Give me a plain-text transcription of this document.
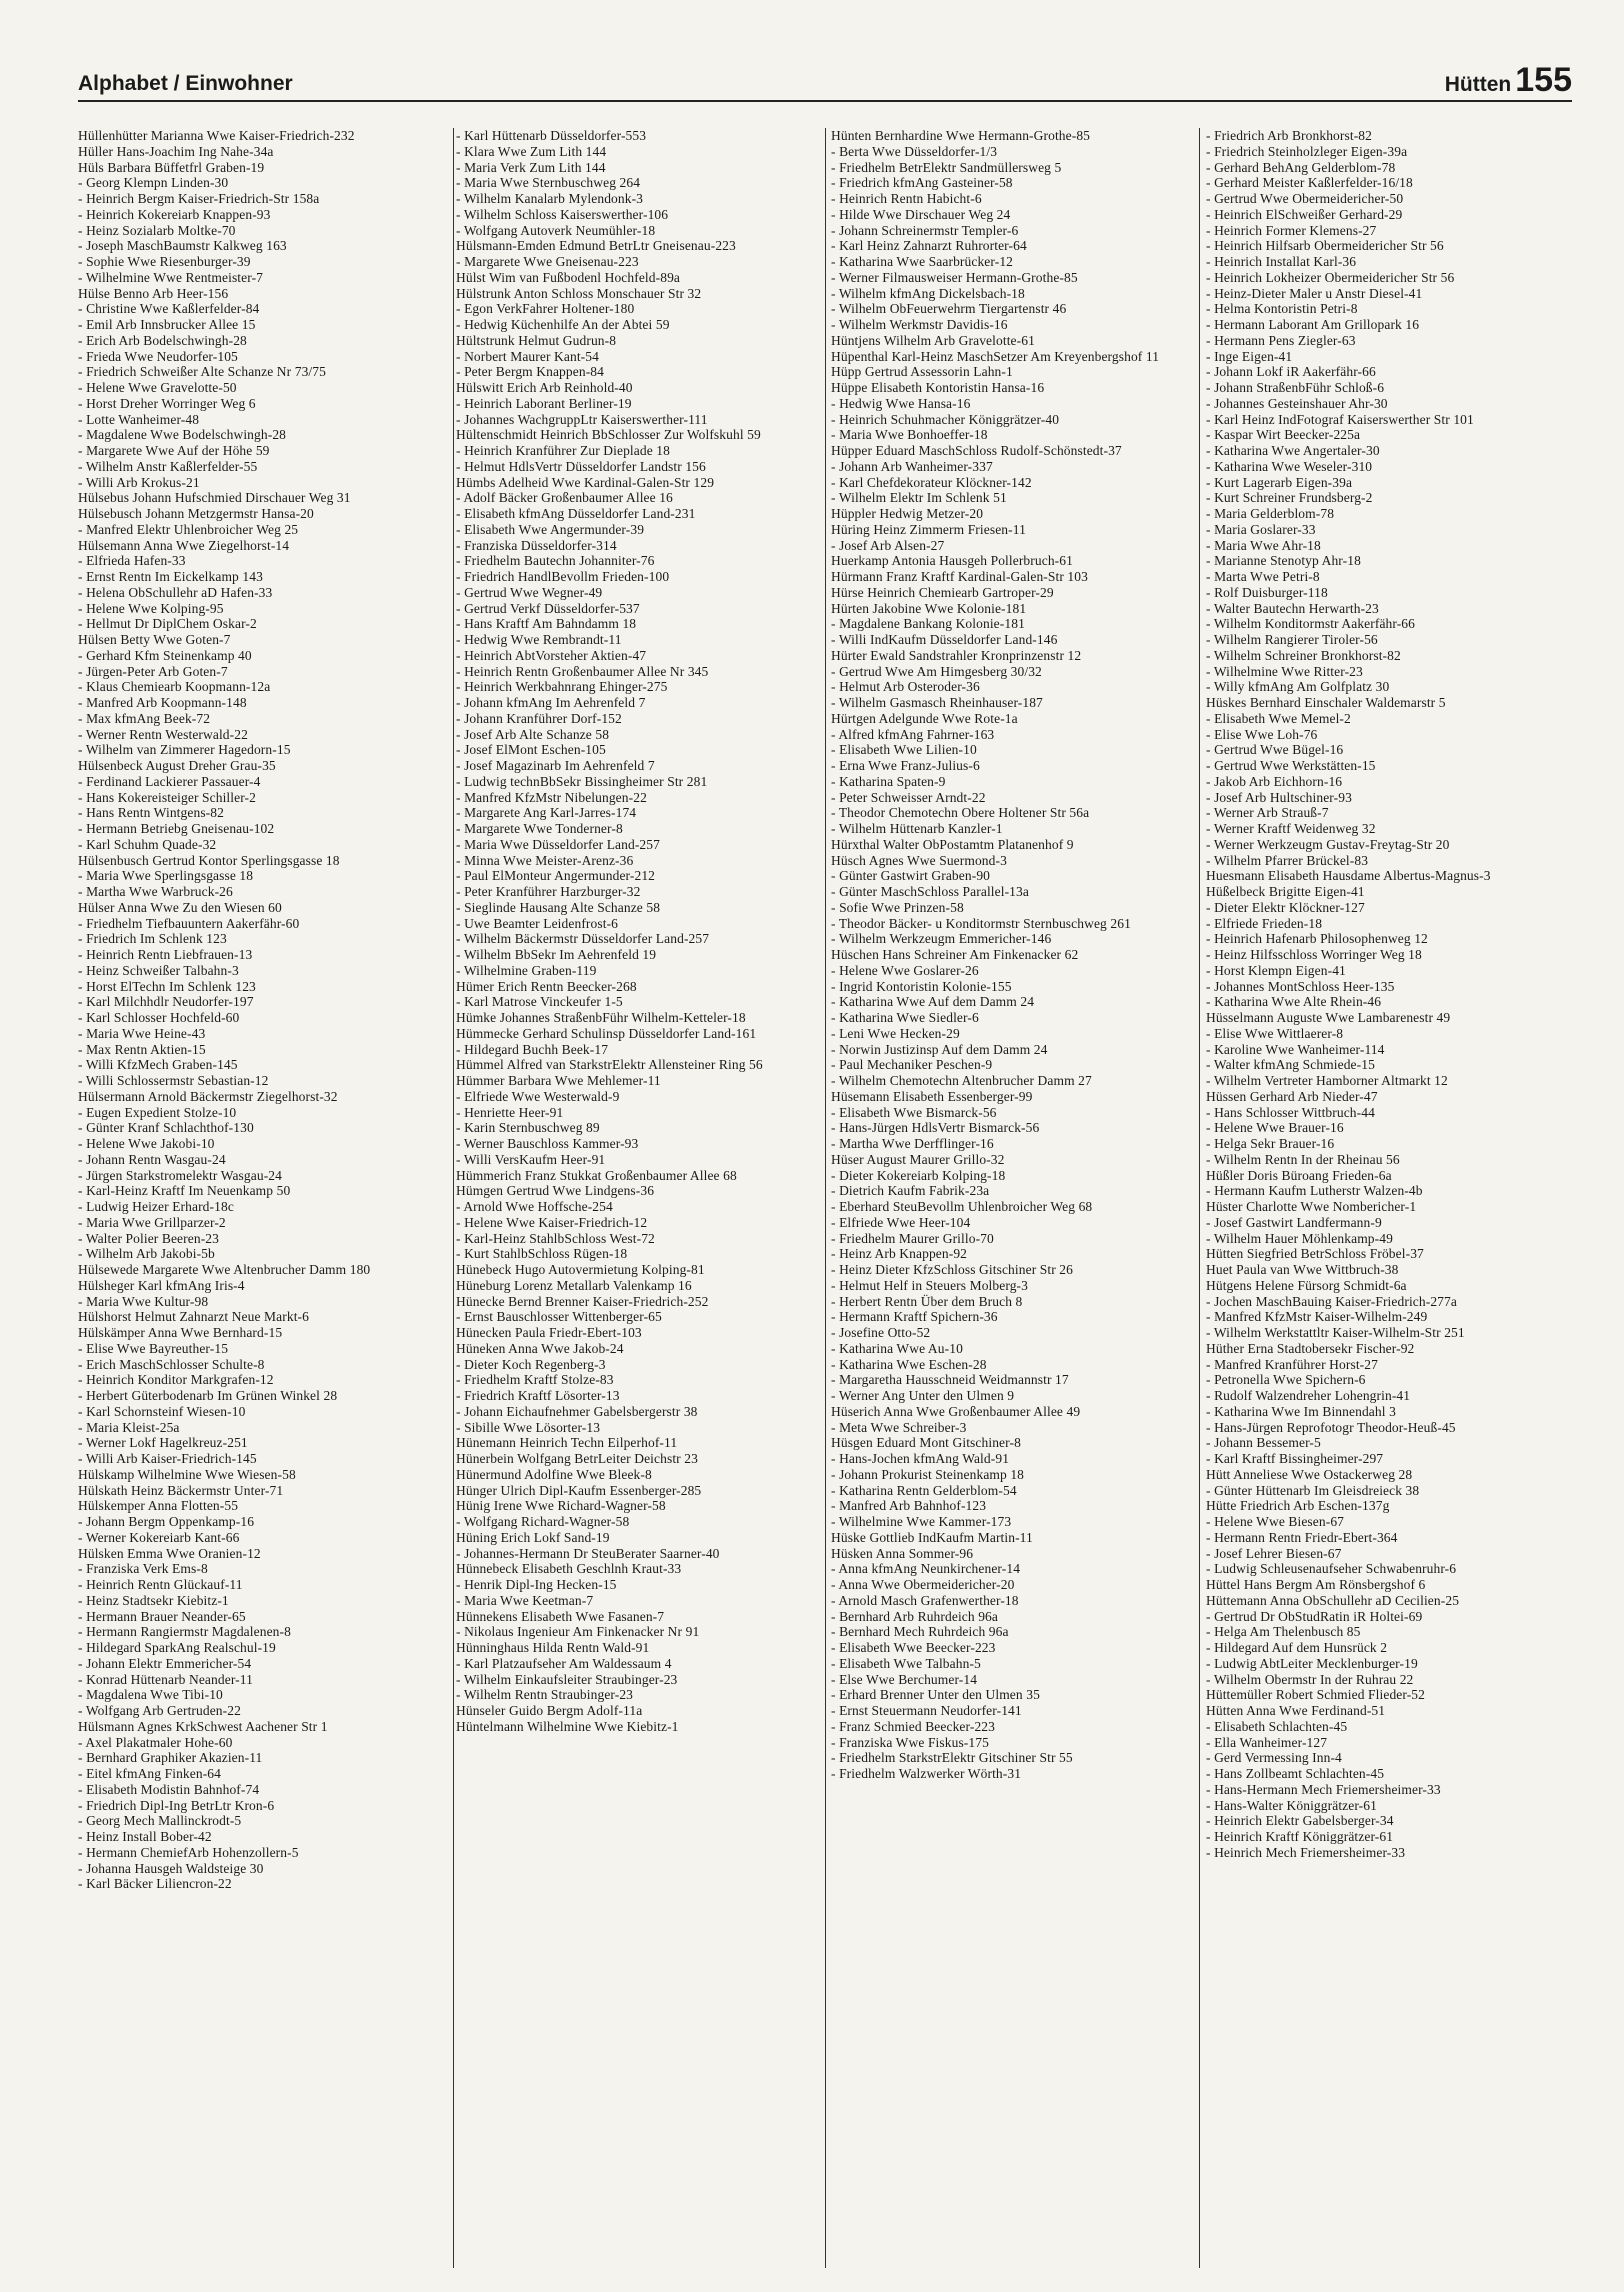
Alphabet / Einwohner	Hütten 155

Hüllenhütter Marianna Wwe Kaiser-Friedrich-232

Hüller Hans-Joachim Ing Nahe-34a

Hüls Barbara Büffetfrl Graben-19

- Georg Klempn Linden-30

- Heinrich Bergm Kaiser-Friedrich-Str 158a

- Heinrich Kokereiarb Knappen-93

- Heinz Sozialarb Moltke-70

- Joseph MaschBaumstr Kalkweg 163

- Sophie Wwe Riesenburger-39

- Wilhelmine Wwe Rentmeister-7

Hülse Benno Arb Heer-156

- Christine Wwe Kaßlerfelder-84

- Emil Arb Innsbrucker Allee 15

- Erich Arb Bodelschwingh-28

- Frieda Wwe Neudorfer-105

- Friedrich Schweißer Alte Schanze Nr 73/75

- Helene Wwe Gravelotte-50

- Horst Dreher Worringer Weg 6

- Lotte Wanheimer-48

- Magdalene Wwe Bodelschwingh-28

- Margarete Wwe Auf der Höhe 59

- Wilhelm Anstr Kaßlerfelder-55

- Willi Arb Krokus-21

Hülsebus Johann Hufschmied Dirschauer Weg 31

Hülsebusch Johann Metzgermstr Hansa-20

- Manfred Elektr Uhlenbroicher Weg 25

Hülsemann Anna Wwe Ziegelhorst-14

- Elfrieda Hafen-33

- Ernst Rentn Im Eickelkamp 143

- Helena ObSchullehr aD Hafen-33

- Helene Wwe Kolping-95

- Hellmut Dr DiplChem Oskar-2

Hülsen Betty Wwe Goten-7

- Gerhard Kfm Steinenkamp 40

- Jürgen-Peter Arb Goten-7

- Klaus Chemiearb Koopmann-12a

- Manfred Arb Koopmann-148

- Max kfmAng Beek-72

- Werner Rentn Westerwald-22

- Wilhelm van Zimmerer Hagedorn-15

Hülsenbeck August Dreher Grau-35

- Ferdinand Lackierer Passauer-4

- Hans Kokereisteiger Schiller-2

- Hans Rentn Wintgens-82

- Hermann Betriebg Gneisenau-102

- Karl Schuhm Quade-32

Hülsenbusch Gertrud Kontor Sperlingsgasse 18

- Maria Wwe Sperlingsgasse 18

- Martha Wwe Warbruck-26

Hülser Anna Wwe Zu den Wiesen 60

- Friedhelm Tiefbauuntern Aakerfähr-60

- Friedrich Im Schlenk 123

- Heinrich Rentn Liebfrauen-13

- Heinz Schweißer Talbahn-3

- Horst ElTechn Im Schlenk 123

- Karl Milchhdlr Neudorfer-197

- Karl Schlosser Hochfeld-60

- Maria Wwe Heine-43

- Max Rentn Aktien-15

- Willi KfzMech Graben-145

- Willi Schlossermstr Sebastian-12

Hülsermann Arnold Bäckermstr Ziegelhorst-32

- Eugen Expedient Stolze-10

- Günter Kranf Schlachthof-130

- Helene Wwe Jakobi-10

- Johann Rentn Wasgau-24

- Jürgen Starkstromelektr Wasgau-24

- Karl-Heinz Kraftf Im Neuenkamp 50

- Ludwig Heizer Erhard-18c

- Maria Wwe Grillparzer-2

- Walter Polier Beeren-23

- Wilhelm Arb Jakobi-5b

Hülsewede Margarete Wwe Altenbrucher Damm 180

Hülsheger Karl kfmAng Iris-4

- Maria Wwe Kultur-98

Hülshorst Helmut Zahnarzt Neue Markt-6

Hülskämper Anna Wwe Bernhard-15

- Elise Wwe Bayreuther-15

- Erich MaschSchlosser Schulte-8

- Heinrich Konditor Markgrafen-12

- Herbert Güterbodenarb Im Grünen Winkel 28

- Karl Schornsteinf Wiesen-10

- Maria Kleist-25a

- Werner Lokf Hagelkreuz-251

- Willi Arb Kaiser-Friedrich-145

Hülskamp Wilhelmine Wwe Wiesen-58

Hülskath Heinz Bäckermstr Unter-71

Hülskemper Anna Flotten-55

- Johann Bergm Oppenkamp-16

- Werner Kokereiarb Kant-66

Hülsken Emma Wwe Oranien-12

- Franziska Verk Ems-8

- Heinrich Rentn Glückauf-11

- Heinz Stadtsekr Kiebitz-1

- Hermann Brauer Neander-65

- Hermann Rangiermstr Magdalenen-8

- Hildegard SparkAng Realschul-19

- Johann Elektr Emmericher-54

- Konrad Hüttenarb Neander-11

- Magdalena Wwe Tibi-10

- Wolfgang Arb Gertruden-22

Hülsmann Agnes KrkSchwest Aachener Str 1

- Axel Plakatmaler Hohe-60

- Bernhard Graphiker Akazien-11

- Eitel kfmAng Finken-64

- Elisabeth Modistin Bahnhof-74

- Friedrich Dipl-Ing BetrLtr Kron-6

- Georg Mech Mallinckrodt-5

- Heinz Install Bober-42

- Hermann ChemiefArb Hohenzollern-5

- Johanna Hausgeh Waldsteige 30

- Karl Bäcker Liliencron-22

- Karl Hüttenarb Düsseldorfer-553

- Klara Wwe Zum Lith 144

- Maria Verk Zum Lith 144

- Maria Wwe Sternbuschweg 264

- Wilhelm Kanalarb Mylendonk-3

- Wilhelm Schloss Kaiserswerther-106

- Wolfgang Autoverk Neumühler-18

Hülsmann-Emden Edmund BetrLtr Gneisenau-223

- Margarete Wwe Gneisenau-223

Hülst Wim van Fußbodenl Hochfeld-89a

Hülstrunk Anton Schloss Monschauer Str 32

- Egon VerkFahrer Holtener-180

- Hedwig Küchenhilfe An der Abtei 59

Hültstrunk Helmut Gudrun-8

- Norbert Maurer Kant-54

- Peter Bergm Knappen-84

Hülswitt Erich Arb Reinhold-40

- Heinrich Laborant Berliner-19

- Johannes WachgruppLtr Kaiserswerther-111

Hültenschmidt Heinrich BbSchlosser Zur Wolfskuhl 59

- Heinrich Kranführer Zur Dieplade 18

- Helmut HdlsVertr Düsseldorfer Landstr 156

Hümbs Adelheid Wwe Kardinal-Galen-Str 129

- Adolf Bäcker Großenbaumer Allee 16

- Elisabeth kfmAng Düsseldorfer Land-231

- Elisabeth Wwe Angermunder-39

- Franziska Düsseldorfer-314

- Friedhelm Bautechn Johanniter-76

- Friedrich HandlBevollm Frieden-100

- Gertrud Wwe Wegner-49

- Gertrud Verkf Düsseldorfer-537

- Hans Kraftf Am Bahndamm 18

- Hedwig Wwe Rembrandt-11

- Heinrich AbtVorsteher Aktien-47

- Heinrich Rentn Großenbaumer Allee Nr 345

- Heinrich Werkbahnrang Ehinger-275

- Johann kfmAng Im Aehrenfeld 7

- Johann Kranführer Dorf-152

- Josef Arb Alte Schanze 58

- Josef ElMont Eschen-105

- Josef Magazinarb Im Aehrenfeld 7

- Ludwig technBbSekr Bissingheimer Str 281

- Manfred KfzMstr Nibelungen-22

- Margarete Ang Karl-Jarres-174

- Margarete Wwe Tonderner-8

- Maria Wwe Düsseldorfer Land-257

- Minna Wwe Meister-Arenz-36

- Paul ElMonteur Angermunder-212

- Peter Kranführer Harzburger-32

- Sieglinde Hausang Alte Schanze 58

- Uwe Beamter Leidenfrost-6

- Wilhelm Bäckermstr Düsseldorfer Land-257

- Wilhelm BbSekr Im Aehrenfeld 19

- Wilhelmine Graben-119

Hümer Erich Rentn Beecker-268

- Karl Matrose Vinckeufer 1-5

Hümke Johannes StraßenbFühr Wilhelm-Ketteler-18

Hümmecke Gerhard Schulinsp Düsseldorfer Land-161

- Hildegard Buchh Beek-17

Hümmel Alfred van StarkstrElektr Allensteiner Ring 56

Hümmer Barbara Wwe Mehlemer-11

- Elfriede Wwe Westerwald-9

- Henriette Heer-91

- Karin Sternbuschweg 89

- Werner Bauschloss Kammer-93

- Willi VersKaufm Heer-91

Hümmerich Franz Stukkat Großenbaumer Allee 68

Hümgen Gertrud Wwe Lindgens-36

- Arnold Wwe Hoffsche-254

- Helene Wwe Kaiser-Friedrich-12

- Karl-Heinz StahlbSchloss West-72

- Kurt StahlbSchloss Rügen-18

Hünebeck Hugo Autovermietung Kolping-81

Hüneburg Lorenz Metallarb Valenkamp 16

Hünecke Bernd Brenner Kaiser-Friedrich-252

- Ernst Bauschlosser Wittenberger-65

Hünecken Paula Friedr-Ebert-103

Hüneken Anna Wwe Jakob-24

- Dieter Koch Regenberg-3

- Friedhelm Kraftf Stolze-83

- Friedrich Kraftf Lösorter-13

- Johann Eichaufnehmer Gabelsbergerstr 38

- Sibille Wwe Lösorter-13

Hünemann Heinrich Techn Eilperhof-11

Hünerbein Wolfgang BetrLeiter Deichstr 23

Hünermund Adolfine Wwe Bleek-8

Hünger Ulrich Dipl-Kaufm Essenberger-285

Hünig Irene Wwe Richard-Wagner-58

- Wolfgang Richard-Wagner-58

Hüning Erich Lokf Sand-19

- Johannes-Hermann Dr SteuBerater Saarner-40

Hünnebeck Elisabeth Geschlnh Kraut-33

- Henrik Dipl-Ing Hecken-15

- Maria Wwe Keetman-7

Hünnekens Elisabeth Wwe Fasanen-7

- Nikolaus Ingenieur Am Finkenacker Nr 91

Hünninghaus Hilda Rentn Wald-91

- Karl Platzaufseher Am Waldessaum 4

- Wilhelm Einkaufsleiter Straubinger-23

- Wilhelm Rentn Straubinger-23

Hünseler Guido Bergm Adolf-11a

Hüntelmann Wilhelmine Wwe Kiebitz-1

Hünten Bernhardine Wwe Hermann-Grothe-85

- Berta Wwe Düsseldorfer-1/3

- Friedhelm BetrElektr Sandmüllersweg 5

- Friedrich kfmAng Gasteiner-58

- Heinrich Rentn Habicht-6

- Hilde Wwe Dirschauer Weg 24

- Johann Schreinermstr Templer-6

- Karl Heinz Zahnarzt Ruhrorter-64

- Katharina Wwe Saarbrücker-12

- Werner Filmausweiser Hermann-Grothe-85

- Wilhelm kfmAng Dickelsbach-18

- Wilhelm ObFeuerwehrm Tiergartenstr 46

- Wilhelm Werkmstr Davidis-16

Hüntjens Wilhelm Arb Gravelotte-61

Hüpenthal Karl-Heinz MaschSetzer Am Kreyenbergshof 11

Hüpp Gertrud Assessorin Lahn-1

Hüppe Elisabeth Kontoristin Hansa-16

- Hedwig Wwe Hansa-16

- Heinrich Schuhmacher Königgrätzer-40

- Maria Wwe Bonhoeffer-18

Hüpper Eduard MaschSchloss Rudolf-Schönstedt-37

- Johann Arb Wanheimer-337

- Karl Chefdekorateur Klöckner-142

- Wilhelm Elektr Im Schlenk 51

Hüppler Hedwig Metzer-20

Hüring Heinz Zimmerm Friesen-11

- Josef Arb Alsen-27

Huerkamp Antonia Hausgeh Pollerbruch-61

Hürmann Franz Kraftf Kardinal-Galen-Str 103

Hürse Heinrich Chemiearb Gartroper-29

Hürten Jakobine Wwe Kolonie-181

- Magdalene Bankang Kolonie-181

- Willi IndKaufm Düsseldorfer Land-146

Hürter Ewald Sandstrahler Kronprinzenstr 12

- Gertrud Wwe Am Himgesberg 30/32

- Helmut Arb Osteroder-36

- Wilhelm Gasmasch Rheinhauser-187

Hürtgen Adelgunde Wwe Rote-1a

- Alfred kfmAng Fahrner-163

- Elisabeth Wwe Lilien-10

- Erna Wwe Franz-Julius-6

- Katharina Spaten-9

- Peter Schweisser Arndt-22

- Theodor Chemotechn Obere Holtener Str 56a

- Wilhelm Hüttenarb Kanzler-1

Hürxthal Walter ObPostamtm Platanenhof 9

Hüsch Agnes Wwe Suermond-3

- Günter Gastwirt Graben-90

- Günter MaschSchloss Parallel-13a

- Sofie Wwe Prinzen-58

- Theodor Bäcker- u Konditormstr Sternbuschweg 261

- Wilhelm Werkzeugm Emmericher-146

Hüschen Hans Schreiner Am Finkenacker 62

- Helene Wwe Goslarer-26

- Ingrid Kontoristin Kolonie-155

- Katharina Wwe Auf dem Damm 24

- Katharina Wwe Siedler-6

- Leni Wwe Hecken-29

- Norwin Justizinsp Auf dem Damm 24

- Paul Mechaniker Peschen-9

- Wilhelm Chemotechn Altenbrucher Damm 27

Hüsemann Elisabeth Essenberger-99

- Elisabeth Wwe Bismarck-56

- Hans-Jürgen HdlsVertr Bismarck-56

- Martha Wwe Derfflinger-16

Hüser August Maurer Grillo-32

- Dieter Kokereiarb Kolping-18

- Dietrich Kaufm Fabrik-23a

- Eberhard SteuBevollm Uhlenbroicher Weg 68

- Elfriede Wwe Heer-104

- Friedhelm Maurer Grillo-70

- Heinz Arb Knappen-92

- Heinz Dieter KfzSchloss Gitschiner Str 26

- Helmut Helf in Steuers Molberg-3

- Herbert Rentn Über dem Bruch 8

- Hermann Kraftf Spichern-36

- Josefine Otto-52

- Katharina Wwe Au-10

- Katharina Wwe Eschen-28

- Margaretha Hausschneid Weidmannstr 17

- Werner Ang Unter den Ulmen 9

Hüserich Anna Wwe Großenbaumer Allee 49

- Meta Wwe Schreiber-3

Hüsgen Eduard Mont Gitschiner-8

- Hans-Jochen kfmAng Wald-91

- Johann Prokurist Steinenkamp 18

- Katharina Rentn Gelderblom-54

- Manfred Arb Bahnhof-123

- Wilhelmine Wwe Kammer-173

Hüske Gottlieb IndKaufm Martin-11

Hüsken Anna Sommer-96

- Anna kfmAng Neunkirchener-14

- Anna Wwe Obermeidericher-20

- Arnold Masch Grafenwerther-18

- Bernhard Arb Ruhrdeich 96a

- Bernhard Mech Ruhrdeich 96a

- Elisabeth Wwe Beecker-223

- Elisabeth Wwe Talbahn-5

- Else Wwe Berchumer-14

- Erhard Brenner Unter den Ulmen 35

- Ernst Steuermann Neudorfer-141

- Franz Schmied Beecker-223

- Franziska Wwe Fiskus-175

- Friedhelm StarkstrElektr Gitschiner Str 55

- Friedhelm Walzwerker Wörth-31

- Friedrich Arb Bronkhorst-82

- Friedrich Steinholzleger Eigen-39a

- Gerhard BehAng Gelderblom-78

- Gerhard Meister Kaßlerfelder-16/18

- Gertrud Wwe Obermeidericher-50

- Heinrich ElSchweißer Gerhard-29

- Heinrich Former Klemens-27

- Heinrich Hilfsarb Obermeidericher Str 56

- Heinrich Installat Karl-36

- Heinrich Lokheizer Obermeidericher Str 56

- Heinz-Dieter Maler u Anstr Diesel-41

- Helma Kontoristin Petri-8

- Hermann Laborant Am Grillopark 16

- Hermann Pens Ziegler-63

- Inge Eigen-41

- Johann Lokf iR Aakerfähr-66

- Johann StraßenbFühr Schloß-6

- Johannes Gesteinshauer Ahr-30

- Karl Heinz IndFotograf Kaiserswerther Str 101

- Kaspar Wirt Beecker-225a

- Katharina Wwe Angertaler-30

- Katharina Wwe Weseler-310

- Kurt Lagerarb Eigen-39a

- Kurt Schreiner Frundsberg-2

- Maria Gelderblom-78

- Maria Goslarer-33

- Maria Wwe Ahr-18

- Marianne Stenotyp Ahr-18

- Marta Wwe Petri-8

- Rolf Duisburger-118

- Walter Bautechn Herwarth-23

- Wilhelm Konditormstr Aakerfähr-66

- Wilhelm Rangierer Tiroler-56

- Wilhelm Schreiner Bronkhorst-82

- Wilhelmine Wwe Ritter-23

- Willy kfmAng Am Golfplatz 30

Hüskes Bernhard Einschaler Waldemarstr 5

- Elisabeth Wwe Memel-2

- Elise Wwe Loh-76

- Gertrud Wwe Bügel-16

- Gertrud Wwe Werkstätten-15

- Jakob Arb Eichhorn-16

- Josef Arb Hultschiner-93

- Werner Arb Strauß-7

- Werner Kraftf Weidenweg 32

- Werner Werkzeugm Gustav-Freytag-Str 20

- Wilhelm Pfarrer Brückel-83

Huesmann Elisabeth Hausdame Albertus-Magnus-3

Hüßelbeck Brigitte Eigen-41

- Dieter Elektr Klöckner-127

- Elfriede Frieden-18

- Heinrich Hafenarb Philosophenweg 12

- Heinz Hilfsschloss Worringer Weg 18

- Horst Klempn Eigen-41

- Johannes MontSchloss Heer-135

- Katharina Wwe Alte Rhein-46

Hüsselmann Auguste Wwe Lambarenestr 49

- Elise Wwe Wittlaerer-8

- Karoline Wwe Wanheimer-114

- Walter kfmAng Schmiede-15

- Wilhelm Vertreter Hamborner Altmarkt 12

Hüssen Gerhard Arb Nieder-47

- Hans Schlosser Wittbruch-44

- Helene Wwe Brauer-16

- Helga Sekr Brauer-16

- Wilhelm Rentn In der Rheinau 56

Hüßler Doris Büroang Frieden-6a

- Hermann Kaufm Lutherstr Walzen-4b

Hüster Charlotte Wwe Nombericher-1

- Josef Gastwirt Landfermann-9

- Wilhelm Hauer Möhlenkamp-49

Hütten Siegfried BetrSchloss Fröbel-37

Huet Paula van Wwe Wittbruch-38

Hütgens Helene Fürsorg Schmidt-6a

- Jochen MaschBauing Kaiser-Friedrich-277a

- Manfred KfzMstr Kaiser-Wilhelm-249

- Wilhelm Werkstattltr Kaiser-Wilhelm-Str 251

Hüther Erna Stadtobersekr Fischer-92

- Manfred Kranführer Horst-27

- Petronella Wwe Spichern-6

- Rudolf Walzendreher Lohengrin-41

- Katharina Wwe Im Binnendahl 3

- Hans-Jürgen Reprofotogr Theodor-Heuß-45

- Johann Bessemer-5

- Karl Kraftf Bissingheimer-297

Hütt Anneliese Wwe Ostackerweg 28

- Günter Hüttenarb Im Gleisdreieck 38

Hütte Friedrich Arb Eschen-137g

- Helene Wwe Biesen-67

- Hermann Rentn Friedr-Ebert-364

- Josef Lehrer Biesen-67

- Ludwig Schleusenaufseher Schwabenruhr-6

Hüttel Hans Bergm Am Rönsbergshof 6

Hüttemann Anna ObSchullehr aD Cecilien-25

- Gertrud Dr ObStudRatin iR Holtei-69

- Helga Am Thelenbusch 85

- Hildegard Auf dem Hunsrück 2

- Ludwig AbtLeiter Mecklenburger-19

- Wilhelm Obermstr In der Ruhrau 22

Hüttemüller Robert Schmied Flieder-52

Hütten Anna Wwe Ferdinand-51

- Elisabeth Schlachten-45

- Ella Wanheimer-127

- Gerd Vermessing Inn-4

- Hans Zollbeamt Schlachten-45

- Hans-Hermann Mech Friemersheimer-33

- Hans-Walter Königgrätzer-61

- Heinrich Elektr Gabelsberger-34

- Heinrich Kraftf Königgrätzer-61

- Heinrich Mech Friemersheimer-33
